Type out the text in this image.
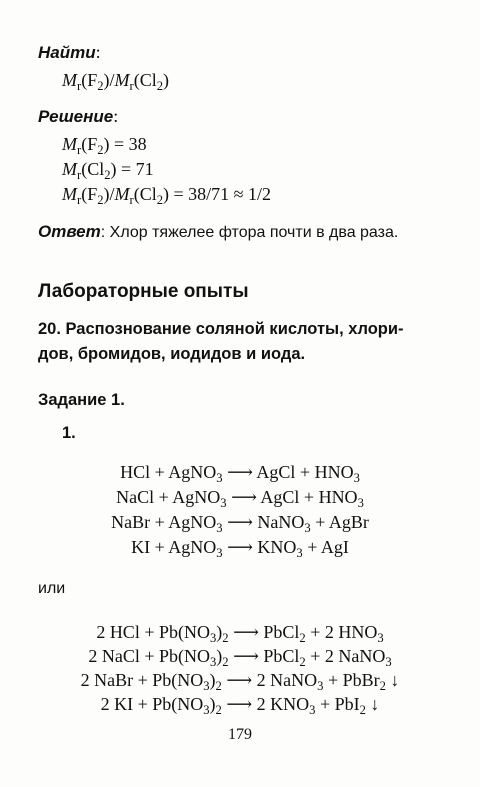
Найти:
$M_r(F_2)/M_r(Cl_2)$
Решение:
$M_r(F_2) = 38$
$M_r(Cl_2) = 71$
$M_r(F_2)/M_r(Cl_2) = 38/71 \approx 1/2$
Ответ: Хлор тяжелее фтора почти в два раза.
Лабораторные опыты
20. Распознование соляной кислоты, хлори-
дов, бромидов, иодидов и иода.
Задание 1.
1.
HCl + AgNO$_3$ ⟶ AgCl + $HNO_3$
NaCl + AgNO$_3$ ⟶ AgCl + $HNO_3$
NaBr + AgNO$_3$ ⟶ NaNO$_3$ + AgBr
KI + AgNO$_3$ ⟶ $KNO_3$ + AgI
или
2 HCl + $Pb(NO_3)_2$ ⟶ PbCl$_2$ + 2 $HNO_3$
2 NaCl + $Pb(NO_3)_2$ ⟶ PbCl$_2$ + 2 NaNO$_3$
2 NaBr + $Pb(NO_3)_2$ ⟶ 2 NaNO$_3$ + PbBr$_2$ ↓
2 KI + $Pb(NO_3)_2$ ⟶ 2 $KNO_3 + PbI_2$ ↓
179
